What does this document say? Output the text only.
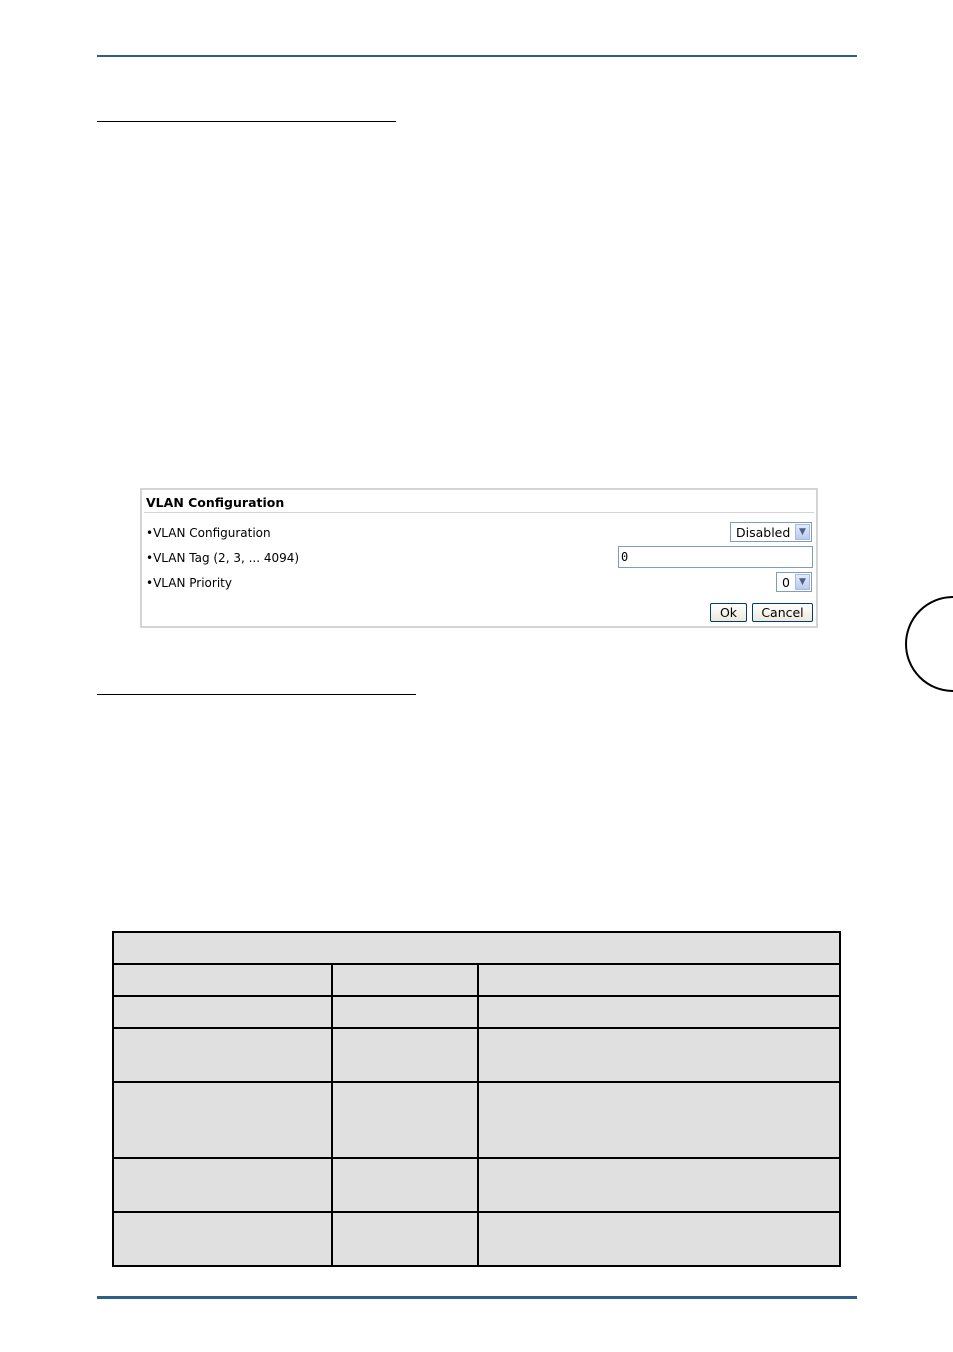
VLAN Configuration
•VLAN Configuration	Disabled ▼
•VLAN Tag (2, 3, ... 4094)	0
•VLAN Priority	0	▼
Ok	Cancel
